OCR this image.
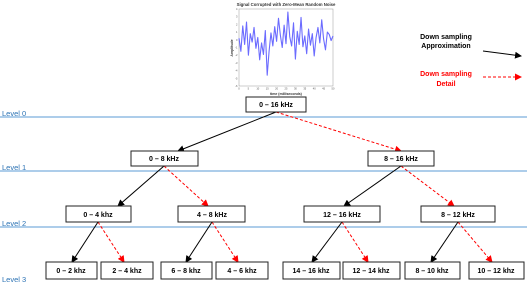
Signal Corrupted with Zero-Mean Random Noise
0	5	10	15	20	25	30	35	40	45	50
4
3
2
1
0
-1
-2
-3
-4
-5
-6
time (milliseconds)
Amplitude
Down sampling
Approximation
Down sampling
Detail
Level 0
Level 1
Level 2
Level 3
0 – 16 kHz
0 – 8 kHz	8 – 16 kHz
0 – 4 khz	4 – 8 kHz	12 – 16 kHz	8 – 12 kHz
0 – 2 khz	2 – 4 khz	6 – 8 khz	4 – 6 khz	14 – 16 khz	12 – 14 khz	8 – 10 khz	10 – 12 khz
